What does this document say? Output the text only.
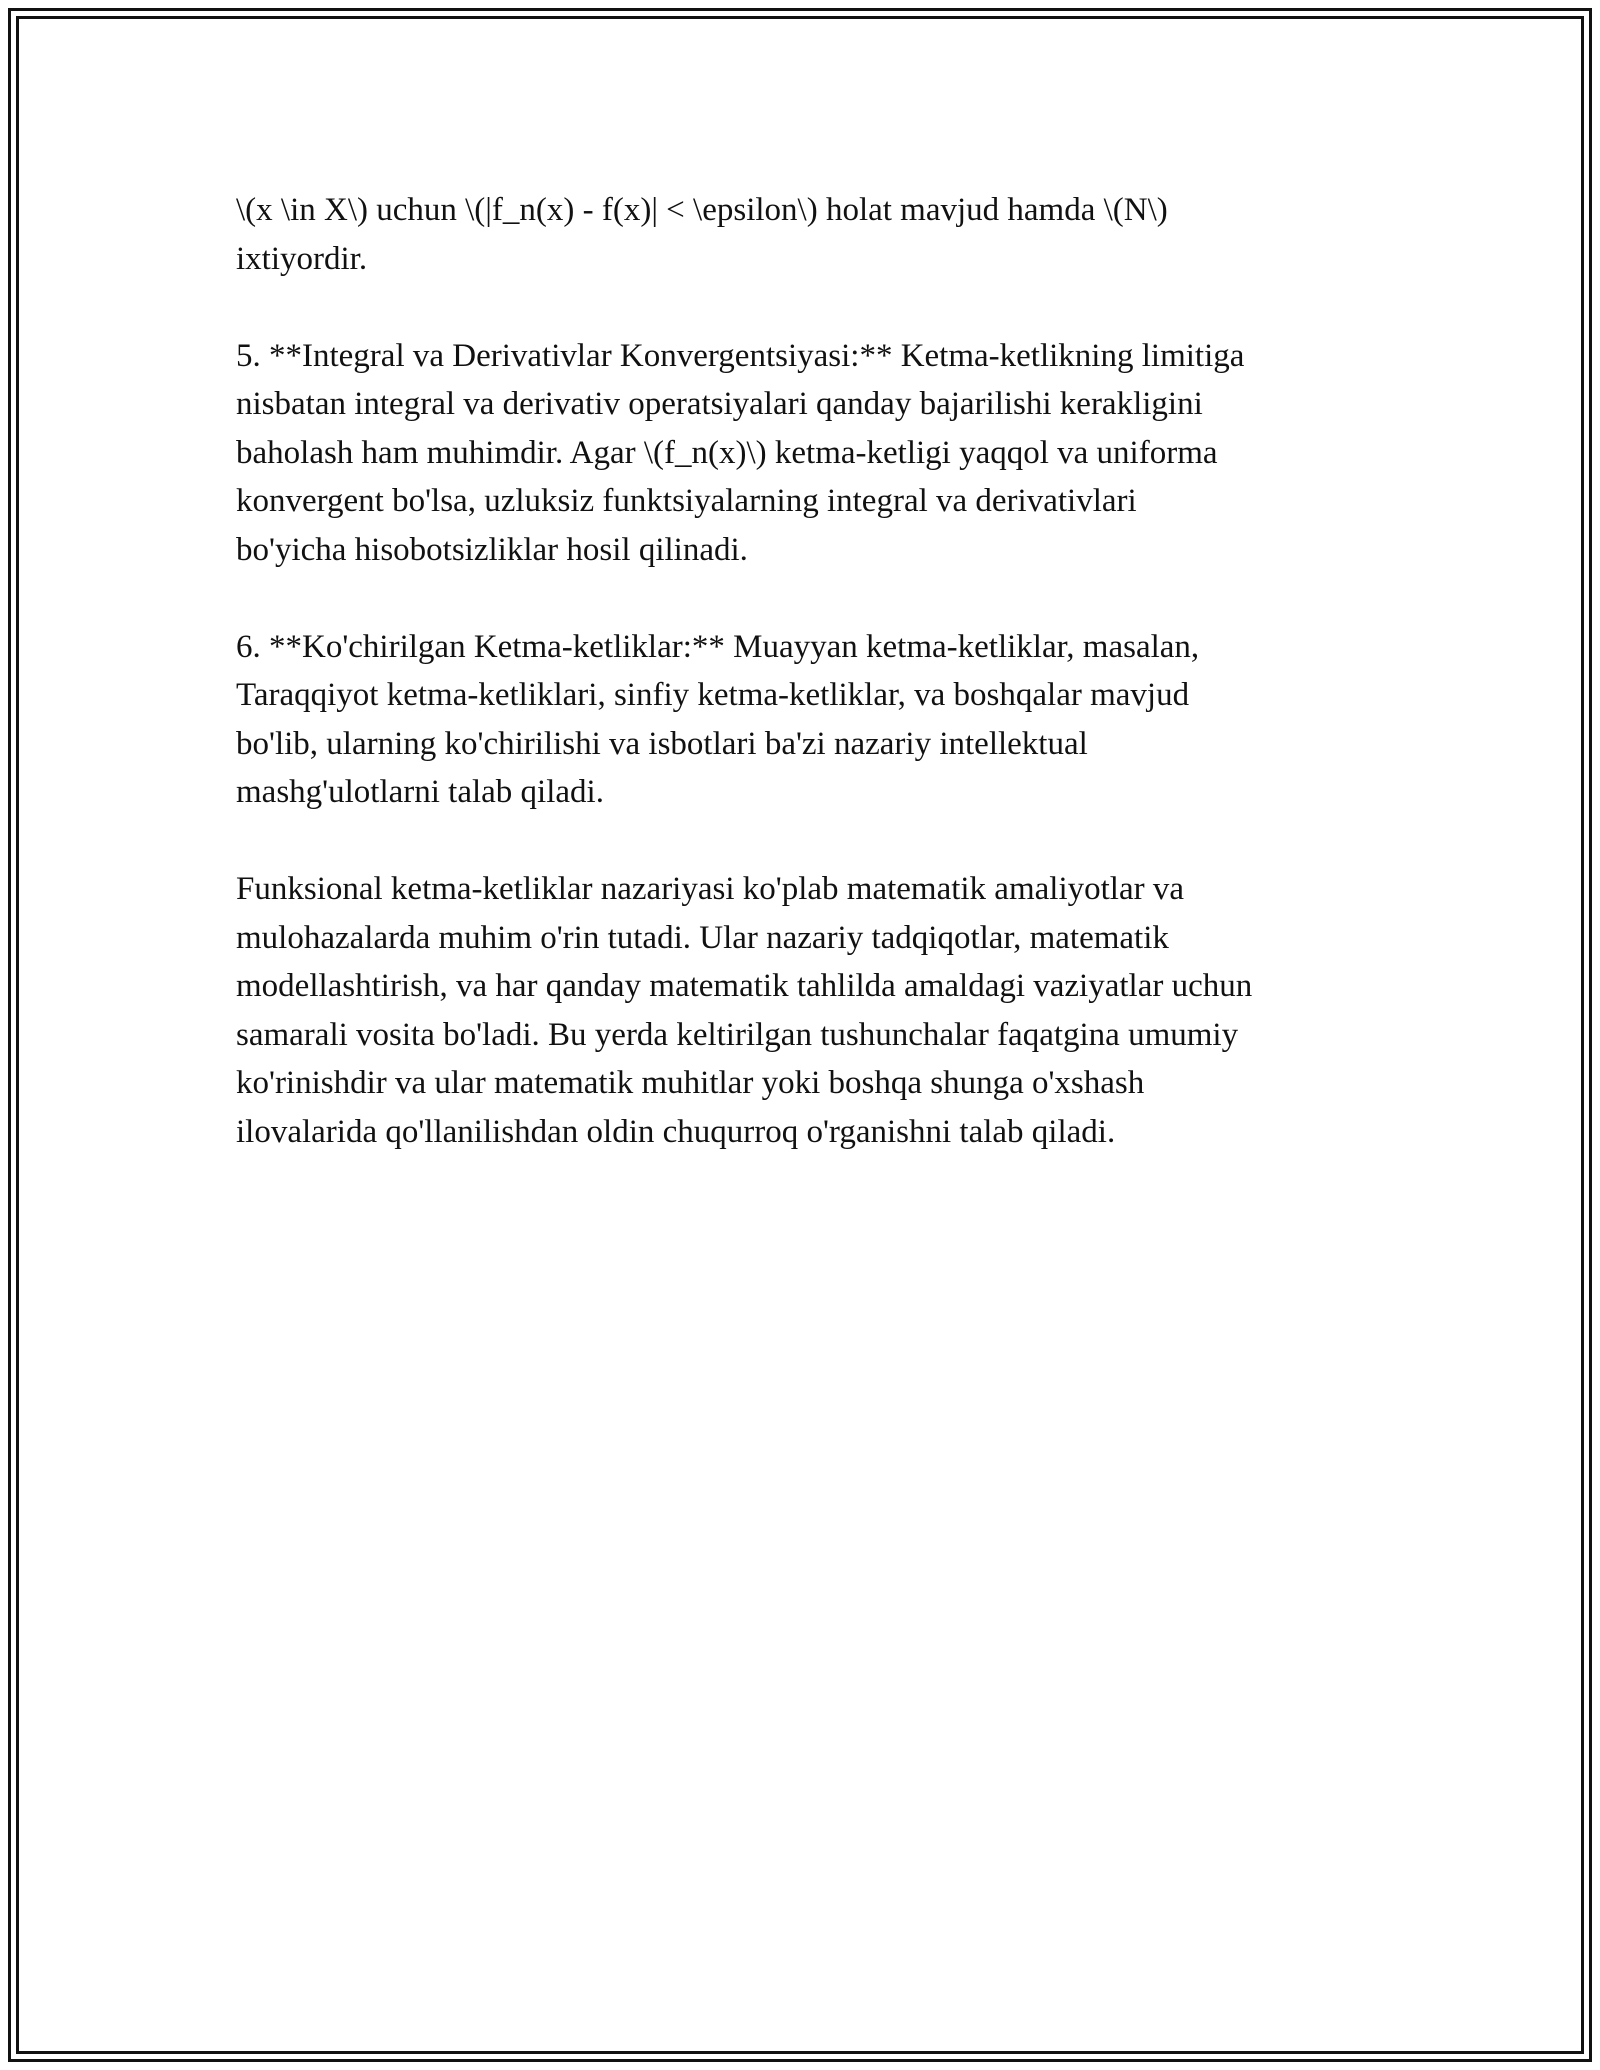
\(x \in X\) uchun \(|f_n(x) - f(x)| < \epsilon\) holat mavjud hamda \(N\)
ixtiyordir.

5. **Integral va Derivativlar Konvergentsiyasi:** Ketma-ketlikning limitiga
nisbatan integral va derivativ operatsiyalari qanday bajarilishi kerakligini
baholash ham muhimdir. Agar \(f_n(x)\) ketma-ketligi yaqqol va uniforma
konvergent bo'lsa, uzluksiz funktsiyalarning integral va derivativlari
bo'yicha hisobotsizliklar hosil qilinadi.

6. **Ko'chirilgan Ketma-ketliklar:** Muayyan ketma-ketliklar, masalan,
Taraqqiyot ketma-ketliklari, sinfiy ketma-ketliklar, va boshqalar mavjud
bo'lib, ularning ko'chirilishi va isbotlari ba'zi nazariy intellektual
mashg'ulotlarni talab qiladi.

Funksional ketma-ketliklar nazariyasi ko'plab matematik amaliyotlar va
mulohazalarda muhim o'rin tutadi. Ular nazariy tadqiqotlar, matematik
modellashtirish, va har qanday matematik tahlilda amaldagi vaziyatlar uchun
samarali vosita bo'ladi. Bu yerda keltirilgan tushunchalar faqatgina umumiy
ko'rinishdir va ular matematik muhitlar yoki boshqa shunga o'xshash
ilovalarida qo'llanilishdan oldin chuqurroq o'rganishni talab qiladi.
